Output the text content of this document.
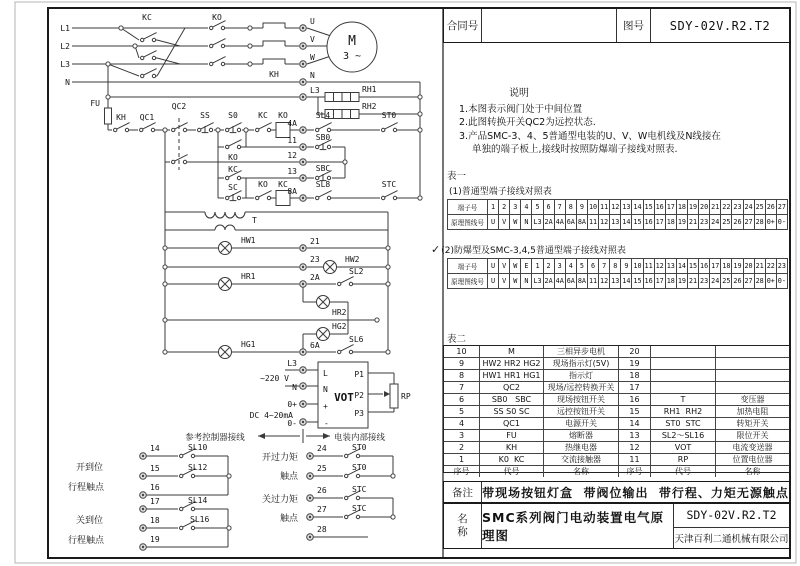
L1
L2
L3
N
KC	KO	U
V
W
N
KH
L3	RH1
RH2
M
3 ~
FU
KH QC1
QC2
SS S0	KC KO
4A
SL4	ST0
KO
11 SB0
12
KC	13 SBC
SC	KO KC
8A
SL8	STC
T
HW1	21
23	HW2
HR1	2A
SL2
HR2
HG2
HG1	6A
SL6
L3
~220 V
N
0+
DC 4~20mA
0-
L
N
+
-
VOT
P1
P2
P3
RP
参考控制器接线	电装内部接线
14
15
16
SL10
SL12
开到位
行程触点
17
18
19
SL14
SL16
关到位
行程触点
24
25
ST0
ST0
开过力矩
触点
26
27
28
STC
STC
关过力矩
触点
合同号	图号	SDY-02V.R2.T2
说明
1.本图表示阀门处于中间位置
2.此图转换开关QC2为远控状态.
3.产品SMC-3、4、5普通型电装的U、V、W电机线及N线接在
单独的端子板上,接线时按照防爆端子接线对照表.
表一
(1)普通型端子接线对照表
端子号	1	2	3	4	5	6	7	8	9 10 11 12 13 14 15 16 17 18 19 20 21 22 23 24 25 26 27
原理图线号	U	V	W	N L3 2A 4A 6A 8A 11 12 13 14 15 16 17 18 19 21 23 24 25 26 27 28 0+ 0-
✓ (2)防爆型及SMC-3,4,5普通型端子接线对照表
端子号	U	V	W	E	1	2	3	4	5	6	7	8	9 10 11 12 13 14 15 16 17 18 19 20 21 22 23
原理图线号	U	V	W	N L3 2A 4A 6A 8A 11 12 13 14 15 16 17 18 19 21 23 24 25 26 27 28 0+ 0-
表二
10	M	三相异步电机	20
9	HW2 HR2 HG2	现场指示灯(5V)	19
8	HW1 HR1 HG1	指示灯	18
7	QC2	现场/远控转换开关	17
6	SB0   SBC	现场按钮开关	16	T	变压器
5	SS S0 SC	远控按钮开关	15	RH1  RH2	加热电阻
4	QC1	电源开关	14	ST0  STC	转矩开关
3	FU	熔断器	13	SL2～SL16	限位开关
2	KH	热继电器	12	VOT	电流变送器
1	K0  KC	交流接触器	11	RP	位置电位器
序号	代号	名称	序号	代号	名称
备注 带现场按钮灯盒  带阀位输出  带行程、力矩无源触点
名称
SMC系列阀门电动装置电气原理图
SDY-02V.R2.T2
天津百利二通机械有限公司
